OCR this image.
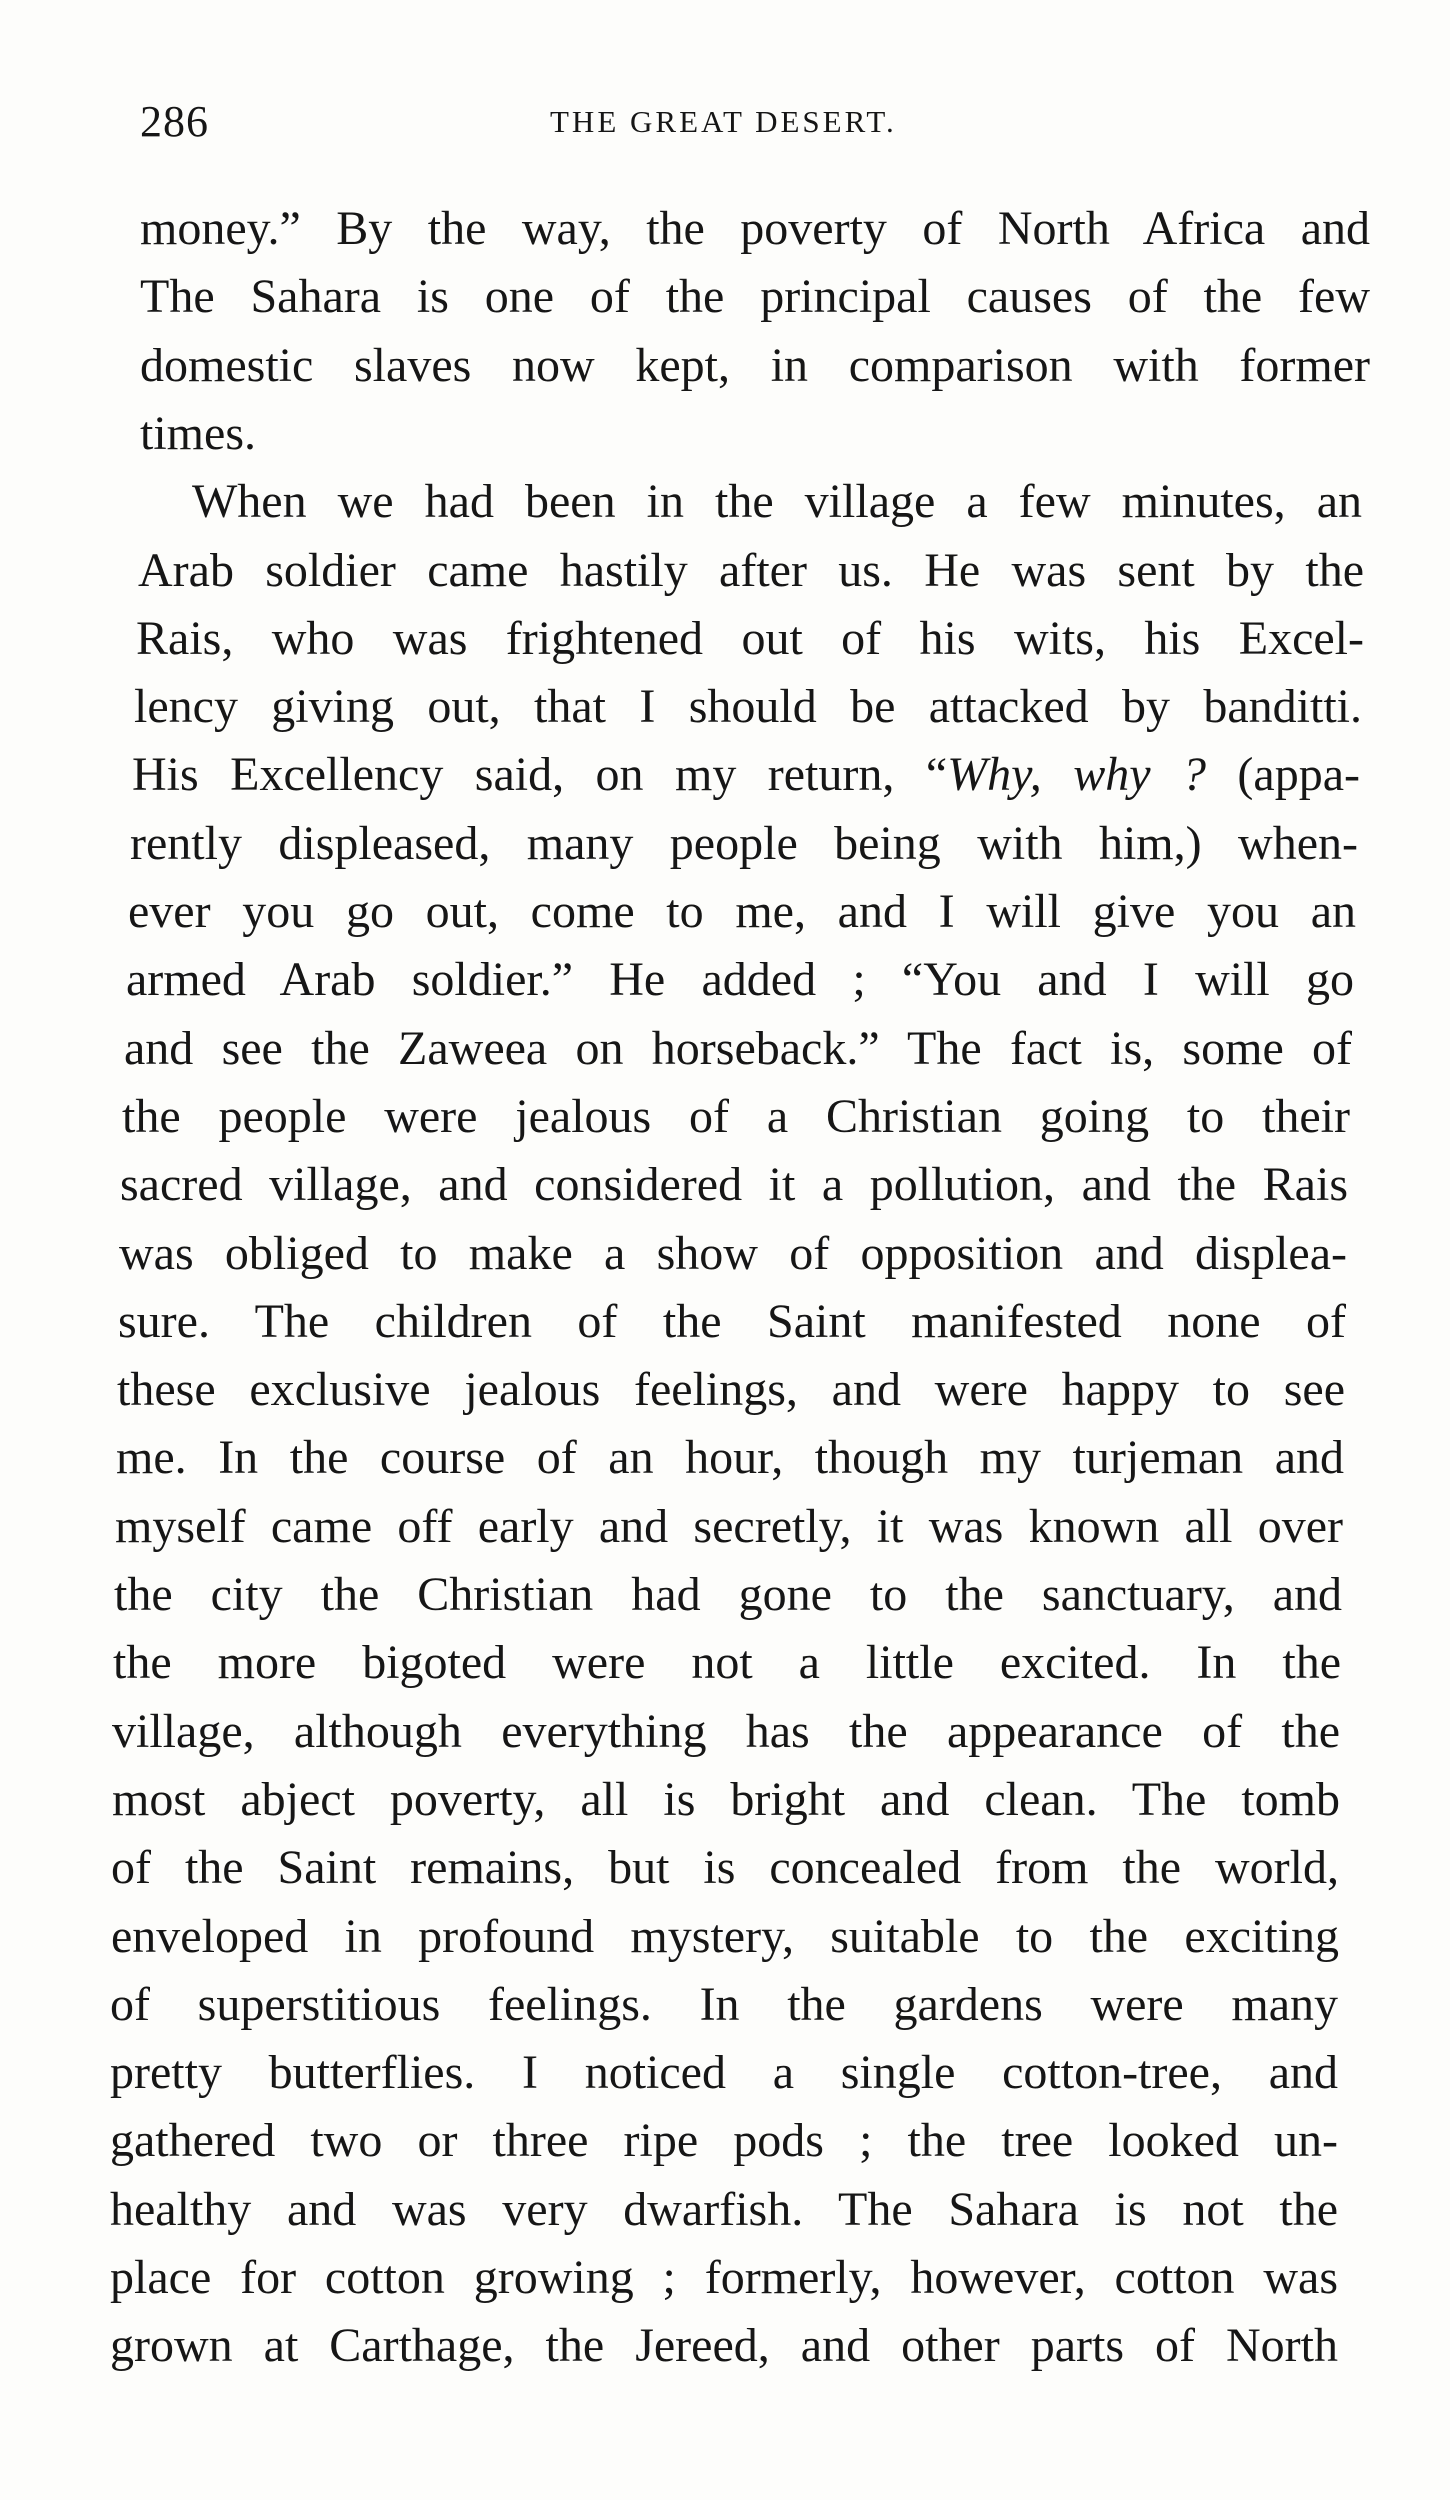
286	THE GREAT DESERT.
money.” By the way, the poverty of North Africa and
The Sahara is one of the principal causes of the few
domestic slaves now kept, in comparison with former
times.
When we had been in the village a few minutes, an
Arab soldier came hastily after us. He was sent by the
Rais, who was frightened out of his wits, his Excel-
lency giving out, that I should be attacked by banditti.
His Excellency said, on my return, “Why, why ? (appa-
rently displeased, many people being with him,) when-
ever you go out, come to me, and I will give you an
armed Arab soldier.” He added ; “You and I will go
and see the Zaweea on horseback.” The fact is, some of
the people were jealous of a Christian going to their
sacred village, and considered it a pollution, and the Rais
was obliged to make a show of opposition and displea-
sure. The children of the Saint manifested none of
these exclusive jealous feelings, and were happy to see
me. In the course of an hour, though my turjeman and
myself came off early and secretly, it was known all over
the city the Christian had gone to the sanctuary, and
the more bigoted were not a little excited. In the
village, although everything has the appearance of the
most abject poverty, all is bright and clean. The tomb
of the Saint remains, but is concealed from the world,
enveloped in profound mystery, suitable to the exciting
of superstitious feelings. In the gardens were many
pretty butterflies. I noticed a single cotton-tree, and
gathered two or three ripe pods ; the tree looked un-
healthy and was very dwarfish. The Sahara is not the
place for cotton growing ; formerly, however, cotton was
grown at Carthage, the Jereed, and other parts of North
